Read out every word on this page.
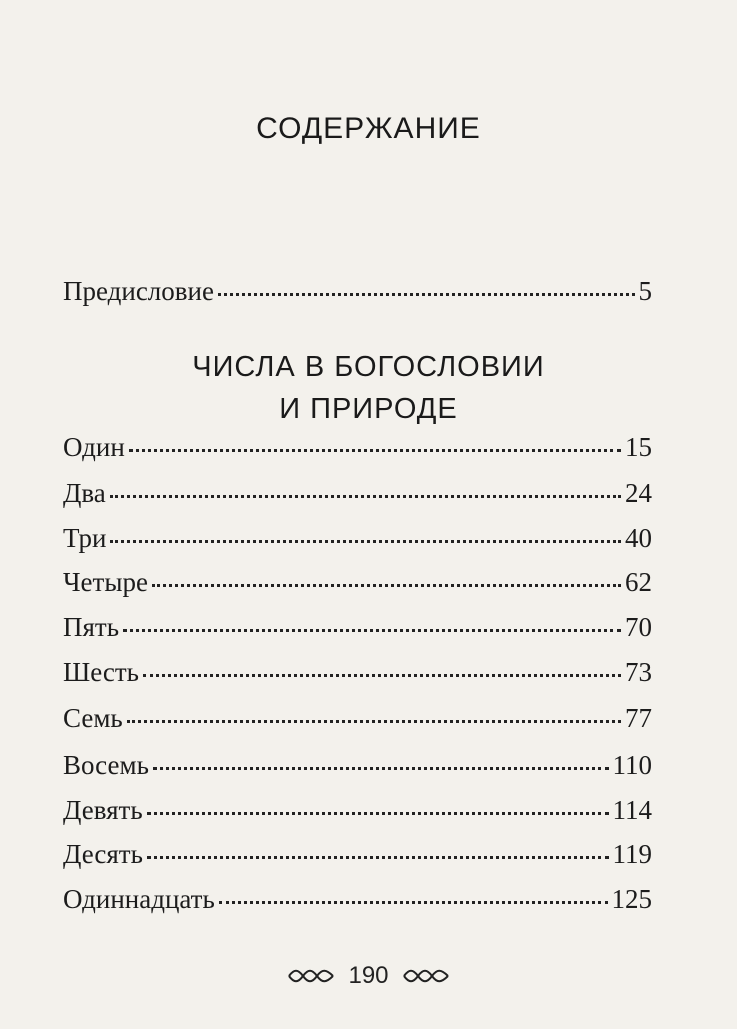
СОДЕРЖАНИЕ
Предисловие	5
ЧИСЛА В БОГОСЛОВИИ
И ПРИРОДЕ
Один	15
Два	24
Три	40
Четыре	62
Пять	70
Шесть	73
Семь	77
Восемь	110
Девять	114
Десять	119
Одиннадцать	125
190
